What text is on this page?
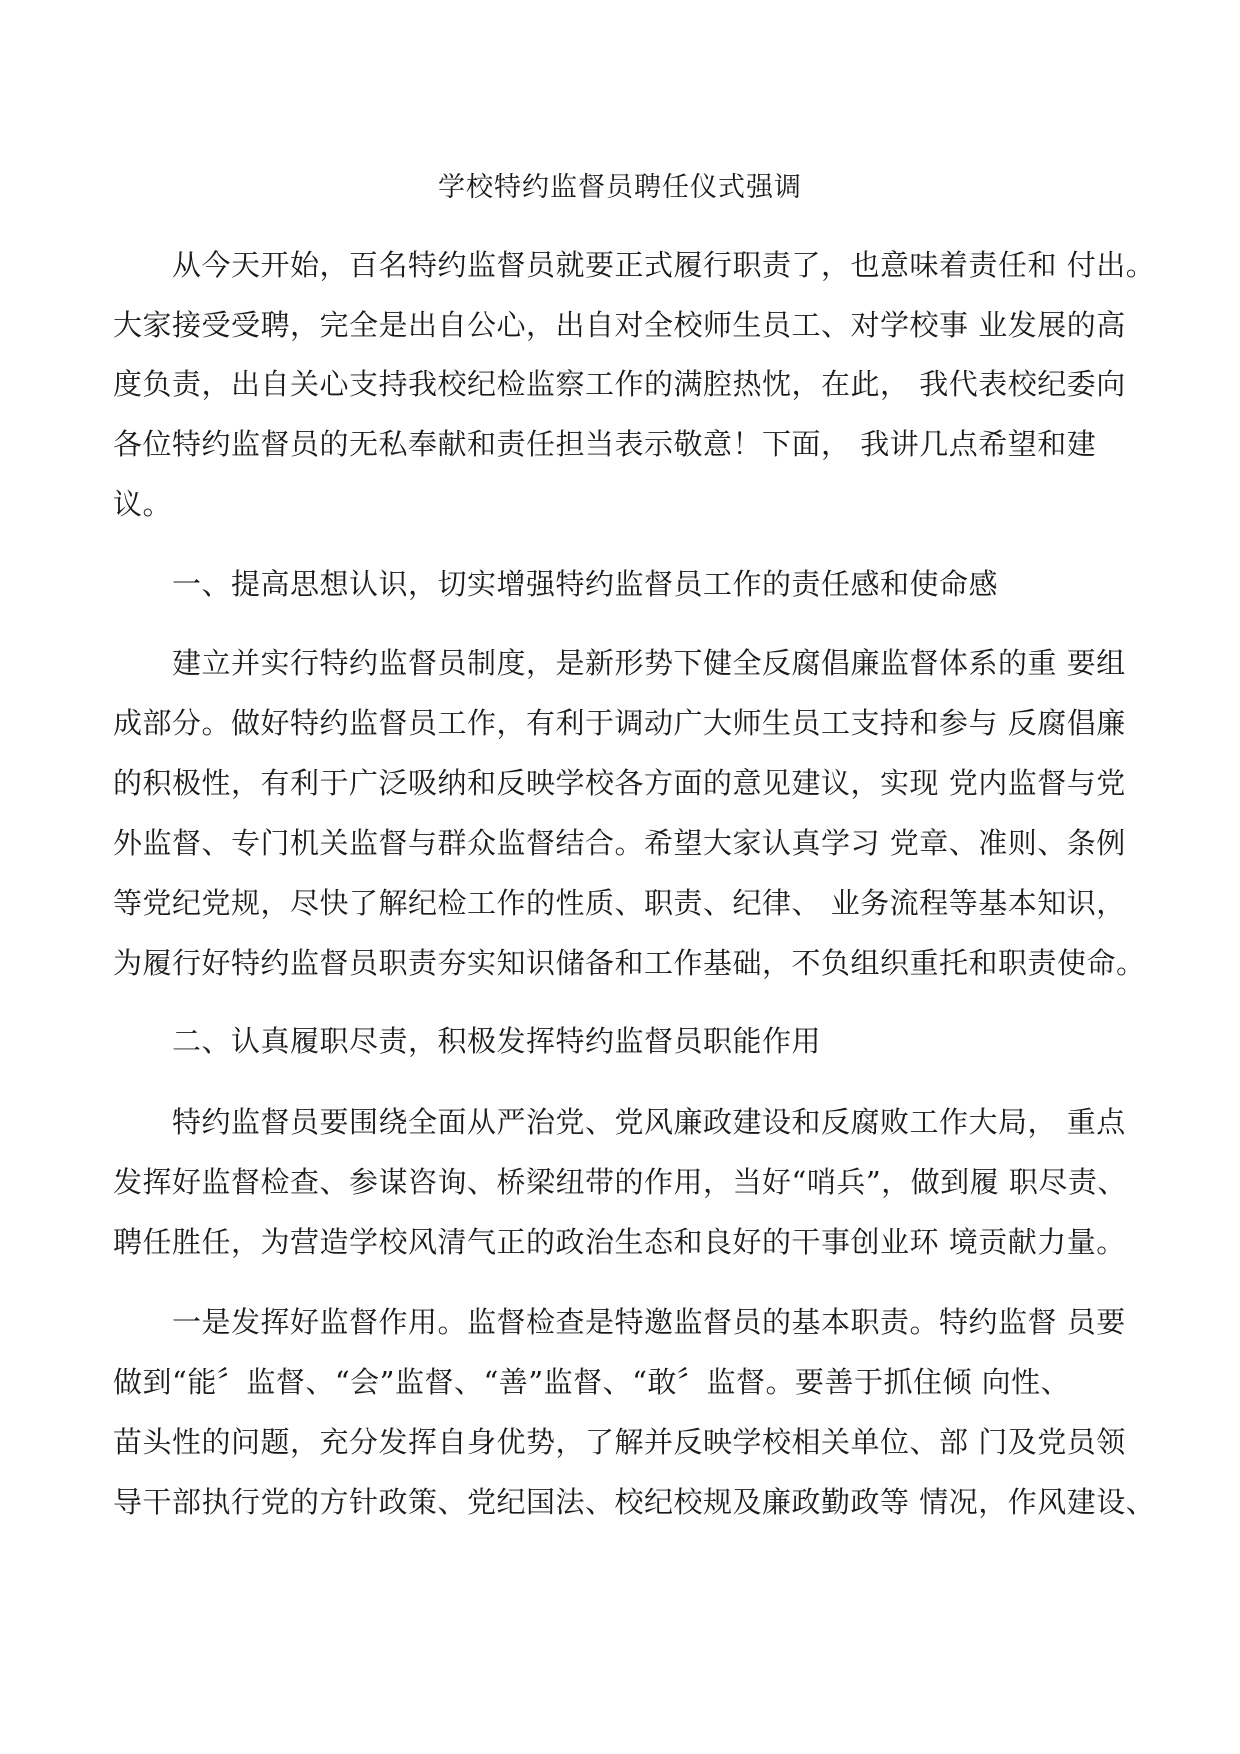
学校特约监督员聘任仪式强调
从今天开始，百名特约监督员就要正式履行职责了，也意味着责任和 付出。
大家接受受聘，完全是出自公心，出自对全校师生员工、对学校事 业发展的高
度负责，出自关心支持我校纪检监察工作的满腔热忱，在此， 我代表校纪委向
各位特约监督员的无私奉献和责任担当表示敬意！下面， 我讲几点希望和建
议。
一、提高思想认识，切实增强特约监督员工作的责任感和使命感
建立并实行特约监督员制度，是新形势下健全反腐倡廉监督体系的重 要组
成部分。做好特约监督员工作，有利于调动广大师生员工支持和参与 反腐倡廉
的积极性，有利于广泛吸纳和反映学校各方面的意见建议，实现 党内监督与党
外监督、专门机关监督与群众监督结合。希望大家认真学习 党章、准则、条例
等党纪党规，尽快了解纪检工作的性质、职责、纪律、 业务流程等基本知识，
为履行好特约监督员职责夯实知识储备和工作基础，不负组织重托和职责使命。
二、认真履职尽责，积极发挥特约监督员职能作用
特约监督员要围绕全面从严治党、党风廉政建设和反腐败工作大局， 重点
发挥好监督检查、参谋咨询、桥梁纽带的作用，当好“哨兵”，做到履 职尽责、
聘任胜任，为营造学校风清气正的政治生态和良好的干事创业环 境贡献力量。
一是发挥好监督作用。监督检查是特邀监督员的基本职责。特约监督 员要
做到“能〞监督、“会”监督、“善”监督、“敢〞监督。要善于抓住倾 向性、
苗头性的问题，充分发挥自身优势，了解并反映学校相关单位、部 门及党员领
导干部执行党的方针政策、党纪国法、校纪校规及廉政勤政等 情况，作风建设、
